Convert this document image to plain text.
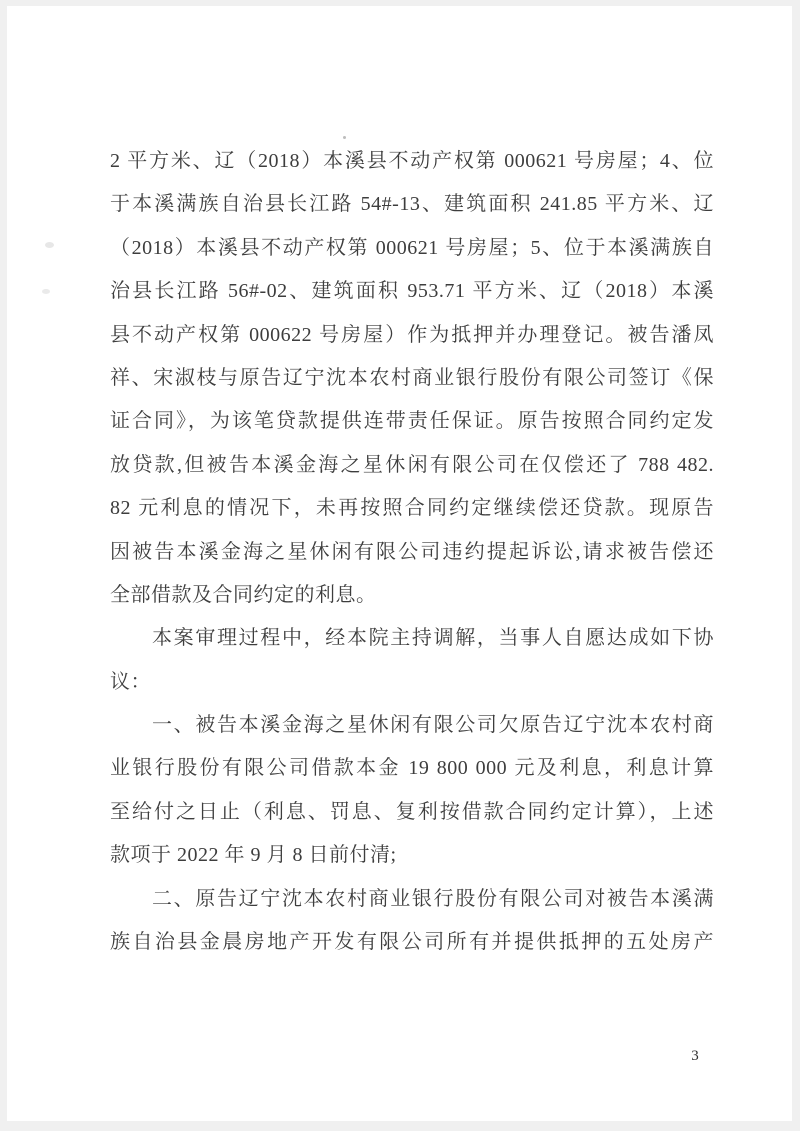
2 平方米、辽（2018）本溪县不动产权第 000621 号房屋；4、位
于本溪满族自治县长江路 54#-13、建筑面积 241.85 平方米、辽
（2018）本溪县不动产权第 000621 号房屋；5、位于本溪满族自
治县长江路 56#-02、建筑面积 953.71 平方米、辽（2018）本溪
县不动产权第 000622 号房屋）作为抵押并办理登记。被告潘凤
祥、宋淑枝与原告辽宁沈本农村商业银行股份有限公司签订《保
证合同》，为该笔贷款提供连带责任保证。原告按照合同约定发
放贷款,但被告本溪金海之星休闲有限公司在仅偿还了 788 482.
82 元利息的情况下，未再按照合同约定继续偿还贷款。现原告
因被告本溪金海之星休闲有限公司违约提起诉讼,请求被告偿还
全部借款及合同约定的利息。
本案审理过程中，经本院主持调解，当事人自愿达成如下协
议：
一、被告本溪金海之星休闲有限公司欠原告辽宁沈本农村商
业银行股份有限公司借款本金 19 800 000 元及利息，利息计算
至给付之日止（利息、罚息、复利按借款合同约定计算），上述
款项于 2022 年 9 月 8 日前付清;
二、原告辽宁沈本农村商业银行股份有限公司对被告本溪满
族自治县金晨房地产开发有限公司所有并提供抵押的五处房产
3
